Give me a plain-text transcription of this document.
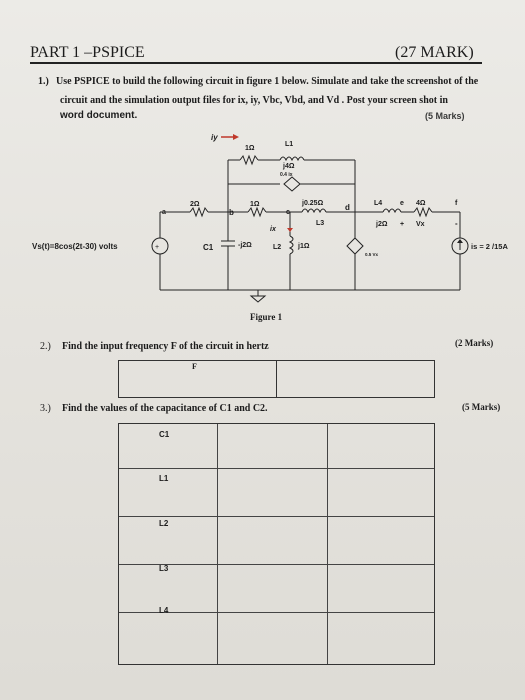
PART 1 –PSPICE	(27 MARK)
1.) Use PSPICE to build the following circuit in figure 1 below. Simulate and take the screenshot of the
circuit and the simulation output files for ix, iy, Vbc, Vbd, and Vd . Post your screen shot in
word document.	(5 Marks)
iy
1Ω
L1
j4Ω
0.4 ix
a
2Ω
b
1Ω
c
j0.25Ω
L3
d	L4	e 4Ω	f
j2Ω + Vx	-
ix
Vs(t)=8cos(2t-30) volts	+	C1	-j2Ω	L2 j1Ω
0.5 Vx
is = 2 /15A
Figure 1
2.) Find the input frequency F of the circuit in hertz	(2 Marks)
F
3.) Find the values of the capacitance of C1 and C2.	(5 Marks)
C1
L1
L2
L3
L4
